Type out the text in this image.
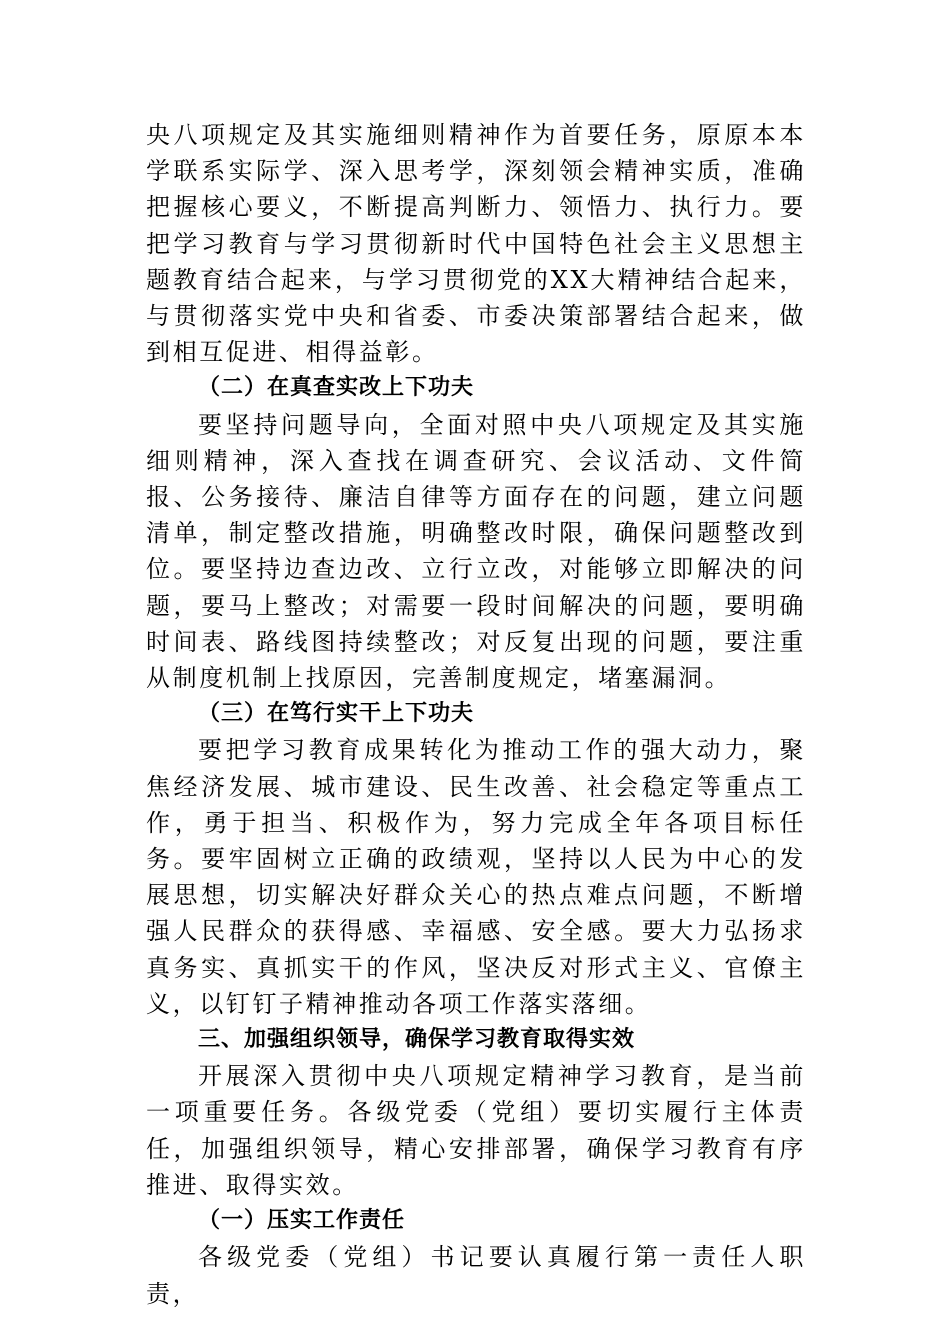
央八项规定及其实施细则精神作为首要任务，原原本本学联系实际学、深入思考学，深刻领会精神实质，准确把握核心要义，不断提高判断力、领悟力、执行力。要把学习教育与学习贯彻新时代中国特色社会主义思想主题教育结合起来，与学习贯彻党的XX大精神结合起来，与贯彻落实党中央和省委、市委决策部署结合起来，做到相互促进、相得益彰。

（二）在真查实改上下功夫

要坚持问题导向，全面对照中央八项规定及其实施细则精神，深入查找在调查研究、会议活动、文件简报、公务接待、廉洁自律等方面存在的问题，建立问题清单，制定整改措施，明确整改时限，确保问题整改到位。要坚持边查边改、立行立改，对能够立即解决的问题，要马上整改；对需要一段时间解决的问题，要明确时间表、路线图持续整改；对反复出现的问题，要注重从制度机制上找原因，完善制度规定，堵塞漏洞。

（三）在笃行实干上下功夫

要把学习教育成果转化为推动工作的强大动力，聚焦经济发展、城市建设、民生改善、社会稳定等重点工作，勇于担当、积极作为，努力完成全年各项目标任务。要牢固树立正确的政绩观，坚持以人民为中心的发展思想，切实解决好群众关心的热点难点问题，不断增强人民群众的获得感、幸福感、安全感。要大力弘扬求真务实、真抓实干的作风，坚决反对形式主义、官僚主义，以钉钉子精神推动各项工作落实落细。

三、加强组织领导，确保学习教育取得实效

开展深入贯彻中央八项规定精神学习教育，是当前一项重要任务。各级党委（党组）要切实履行主体责任，加强组织领导，精心安排部署，确保学习教育有序推进、取得实效。

（一）压实工作责任

各级党委（党组）书记要认真履行第一责任人职责，
